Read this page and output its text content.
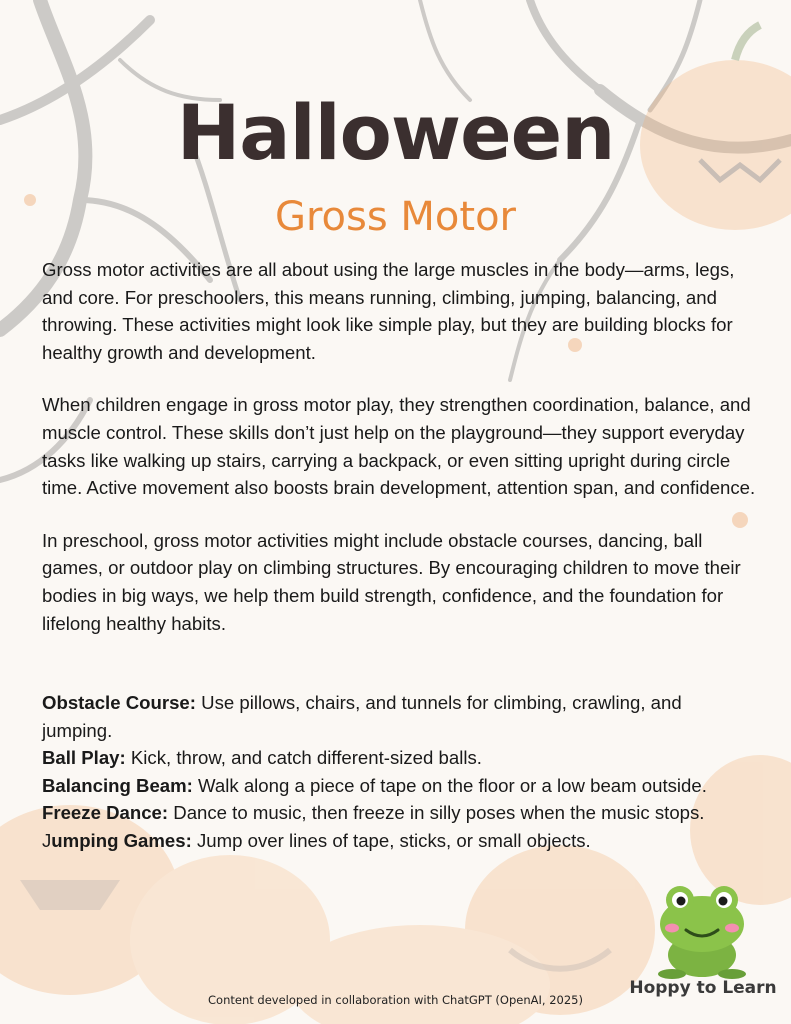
Halloween
Gross Motor

Gross motor activities are all about using the large muscles in the body—arms, legs, and core. For preschoolers, this means running, climbing, jumping, balancing, and throwing. These activities might look like simple play, but they are building blocks for healthy growth and development.

When children engage in gross motor play, they strengthen coordination, balance, and muscle control. These skills don’t just help on the playground—they support everyday tasks like walking up stairs, carrying a backpack, or even sitting upright during circle time. Active movement also boosts brain development, attention span, and confidence.

In preschool, gross motor activities might include obstacle courses, dancing, ball games, or outdoor play on climbing structures. By encouraging children to move their bodies in big ways, we help them build strength, confidence, and the foundation for lifelong healthy habits.

Obstacle Course: Use pillows, chairs, and tunnels for climbing, crawling, and jumping.
Ball Play: Kick, throw, and catch different-sized balls.
Balancing Beam: Walk along a piece of tape on the floor or a low beam outside.
Freeze Dance: Dance to music, then freeze in silly poses when the music stops.
Jumping Games: Jump over lines of tape, sticks, or small objects.
Content developed in collaboration with ChatGPT (OpenAI, 2025)
Hoppy to Learn
